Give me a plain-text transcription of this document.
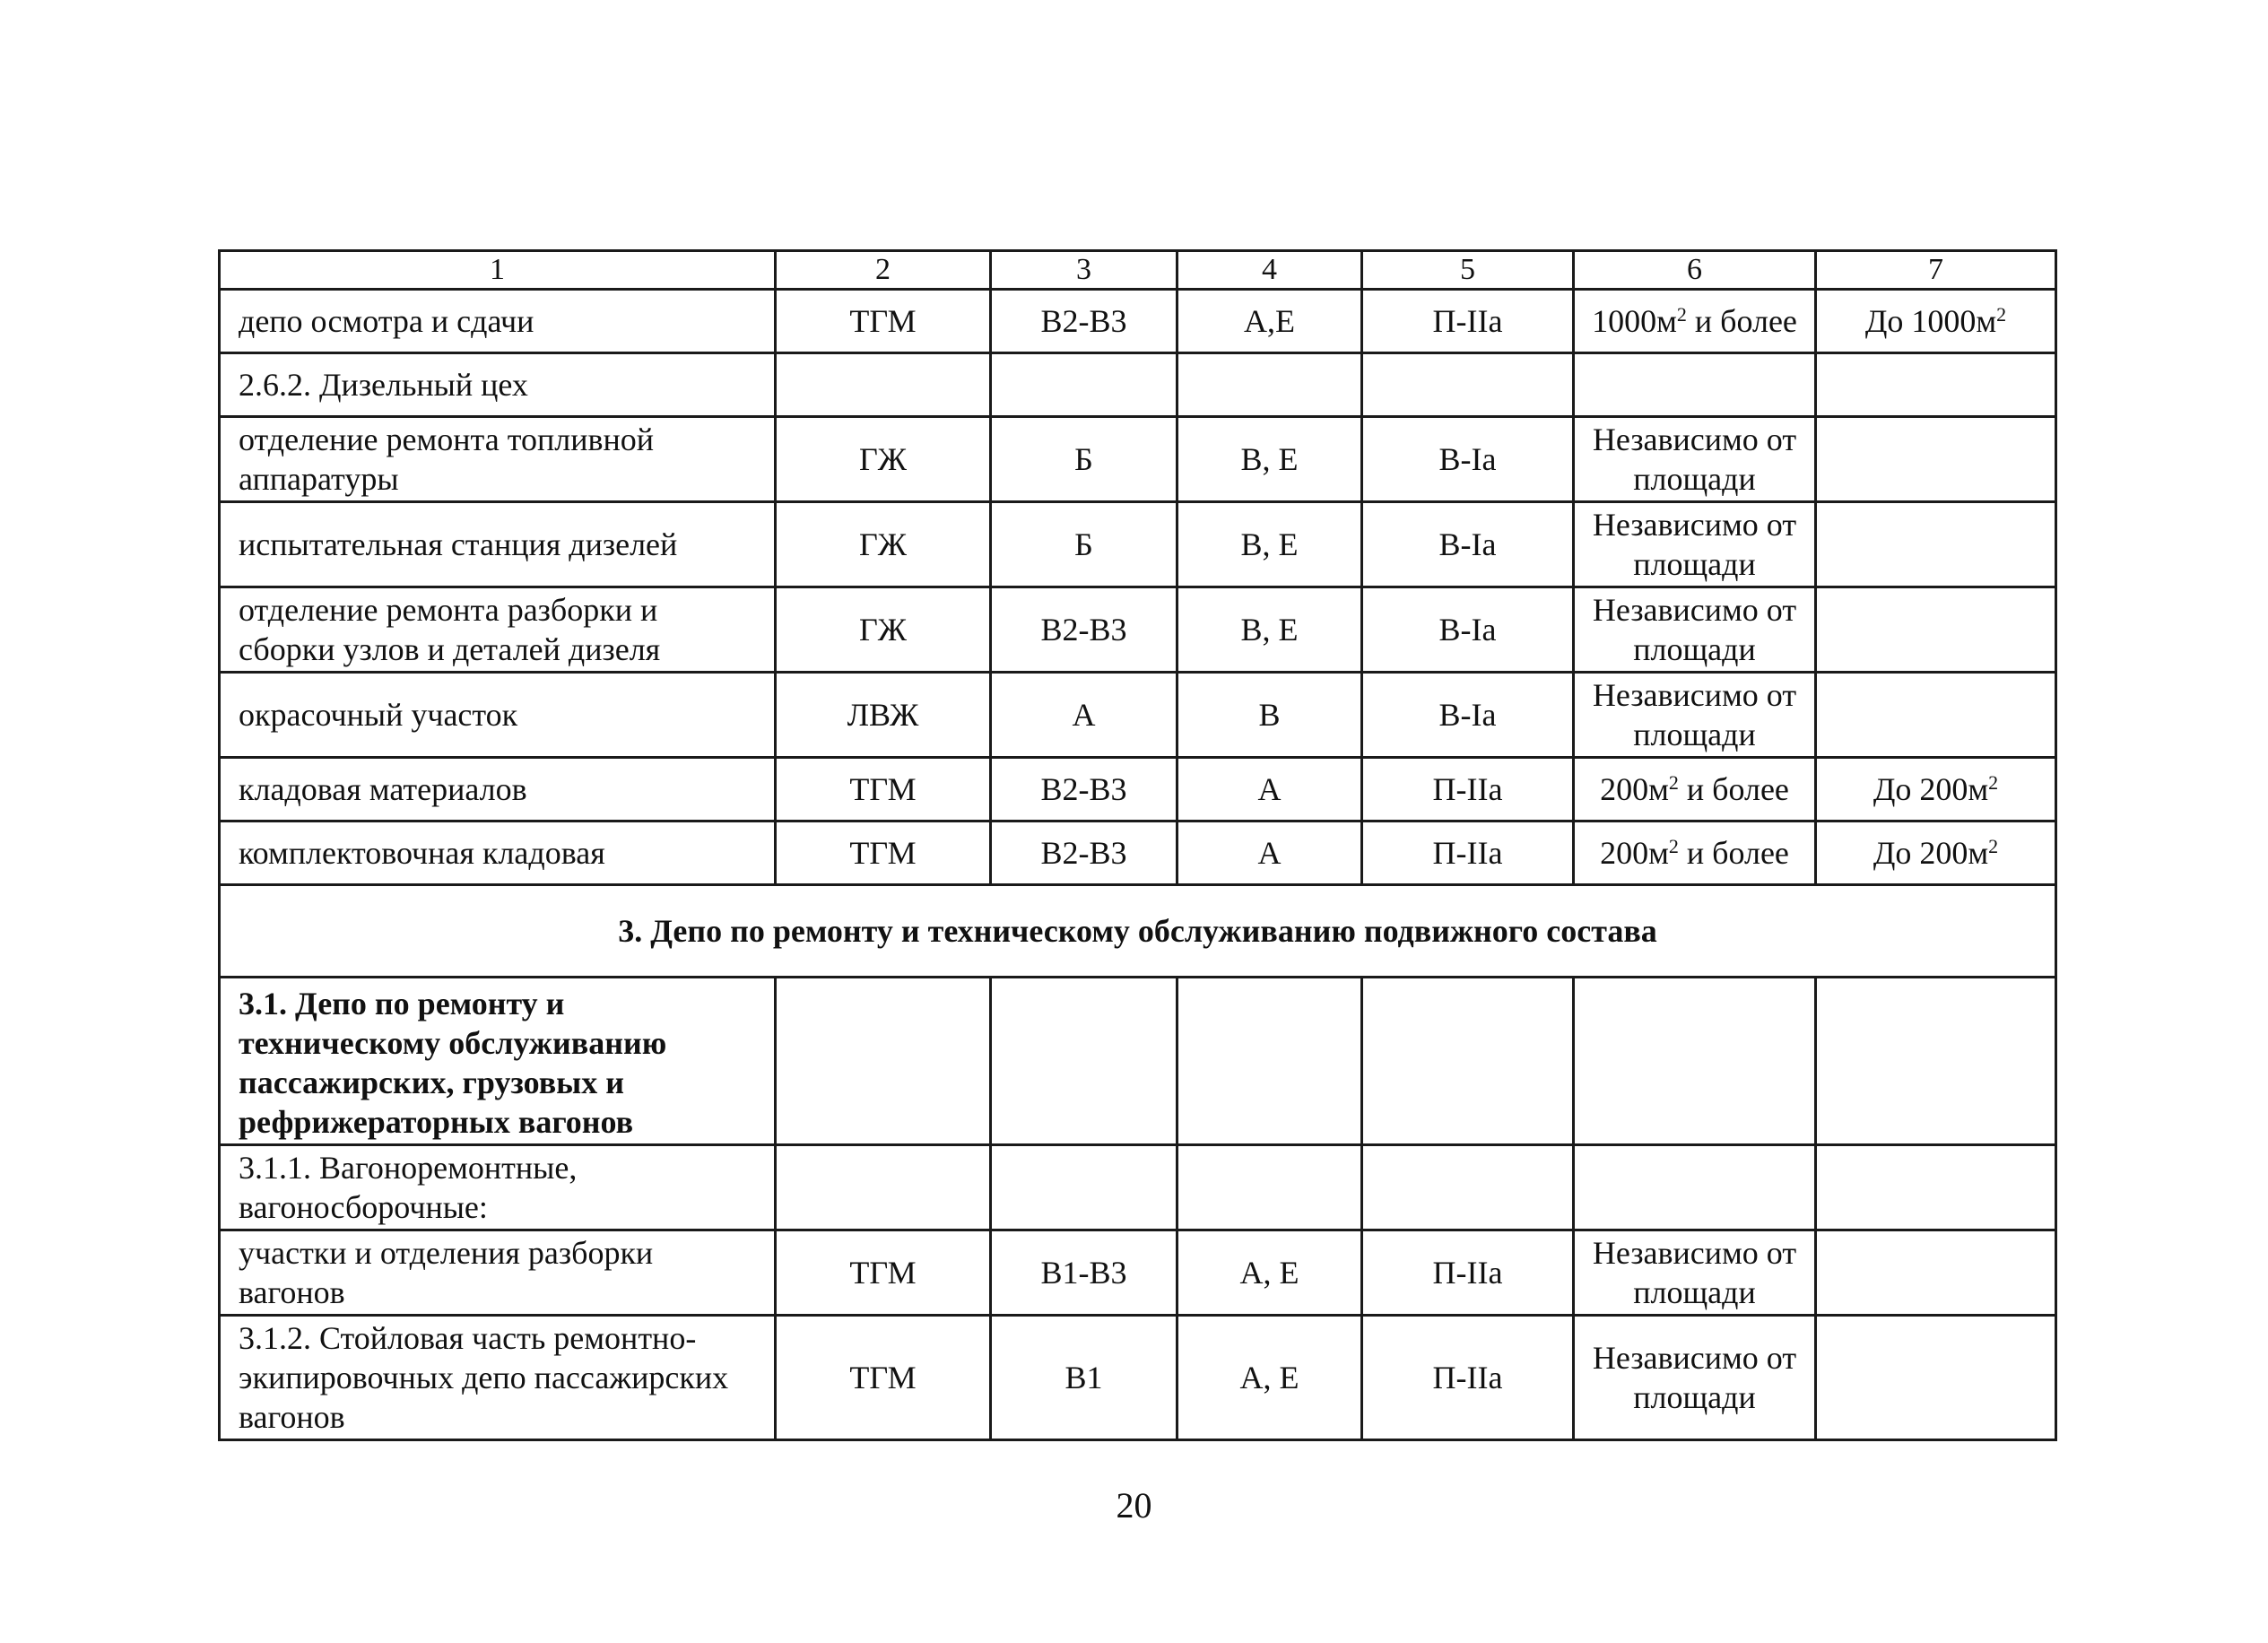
1	2	3	4	5	6	7
депо осмотра и сдачи	ТГМ	В2-В3	А,Е	П-IIа	$1000м^2$ и более	До $1000м^2$
2.6.2. Дизельный цех						
отделение ремонта топливной аппаратуры	ГЖ	Б	В, Е	В-Iа	Независимо от площади	
испытательная станция дизелей	ГЖ	Б	В, Е	В-Iа	Независимо от площади	
отделение ремонта разборки и сборки узлов и деталей дизеля	ГЖ	В2-В3	В, Е	В-Iа	Независимо от площади	
окрасочный участок	ЛВЖ	А	В	В-Iа	Независимо от площади	
кладовая материалов	ТГМ	В2-В3	А	П-IIа	$200м^2$ и более	До $200м^2$
комплектовочная кладовая	ТГМ	В2-В3	А	П-IIа	$200м^2$ и более	До $200м^2$
3. Депо по ремонту и техническому обслуживанию подвижного состава						
3.1. Депо по ремонту и техническому обслуживанию пассажирских, грузовых и рефрижераторных вагонов						
3.1.1. Вагоноремонтные, вагоносборочные:						
участки и отделения разборки вагонов	ТГМ	В1-В3	А, Е	П-IIа	Независимо от площади	
3.1.2. Стойловая часть ремонтно-экипировочных депо пассажирских вагонов	ТГМ	В1	А, Е	П-IIа	Независимо от площади	
20
